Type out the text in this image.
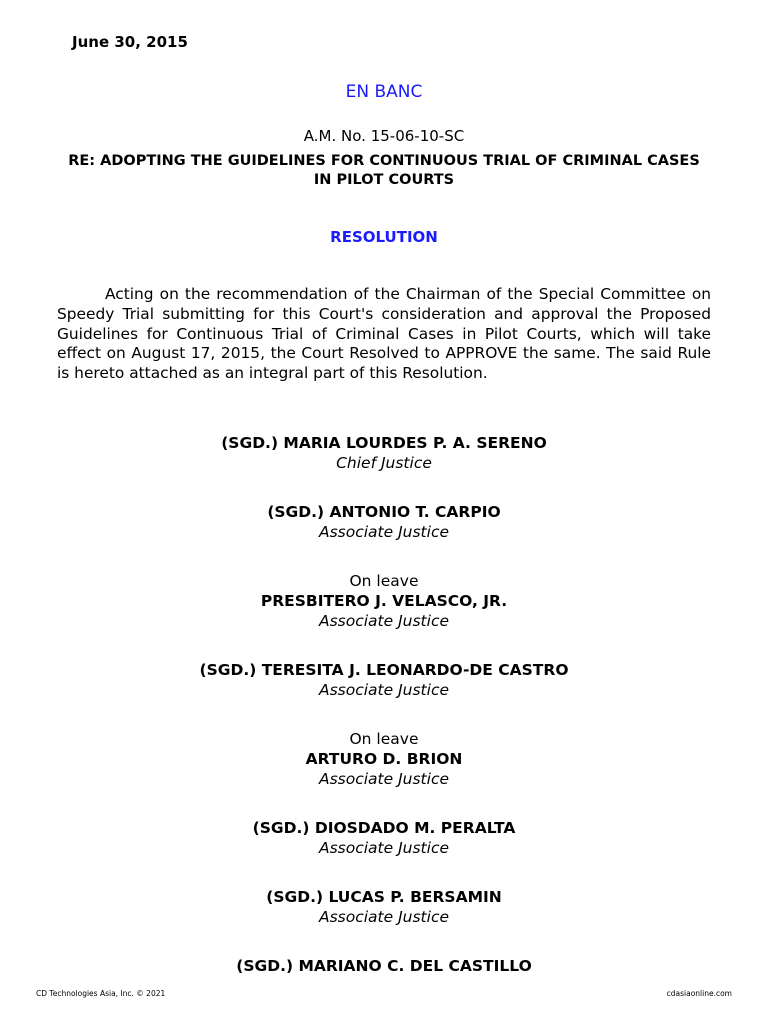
June 30, 2015
EN BANC
A.M. No. 15-06-10-SC
RE: ADOPTING THE GUIDELINES FOR CONTINUOUS TRIAL OF CRIMINAL CASES IN PILOT COURTS
RESOLUTION
Acting on the recommendation of the Chairman of the Special Committee on Speedy Trial submitting for this Court's consideration and approval the Proposed Guidelines for Continuous Trial of Criminal Cases in Pilot Courts, which will take effect on August 17, 2015, the Court Resolved to APPROVE the same. The said Rule is hereto attached as an integral part of this Resolution.
(SGD.) MARIA LOURDES P. A. SERENO
Chief Justice
(SGD.) ANTONIO T. CARPIO
Associate Justice
On leave
PRESBITERO J. VELASCO, JR.
Associate Justice
(SGD.) TERESITA J. LEONARDO-DE CASTRO
Associate Justice
On leave
ARTURO D. BRION
Associate Justice
(SGD.) DIOSDADO M. PERALTA
Associate Justice
(SGD.) LUCAS P. BERSAMIN
Associate Justice
(SGD.) MARIANO C. DEL CASTILLO
CD Technologies Asia, Inc. © 2021	cdasiaonline.com
